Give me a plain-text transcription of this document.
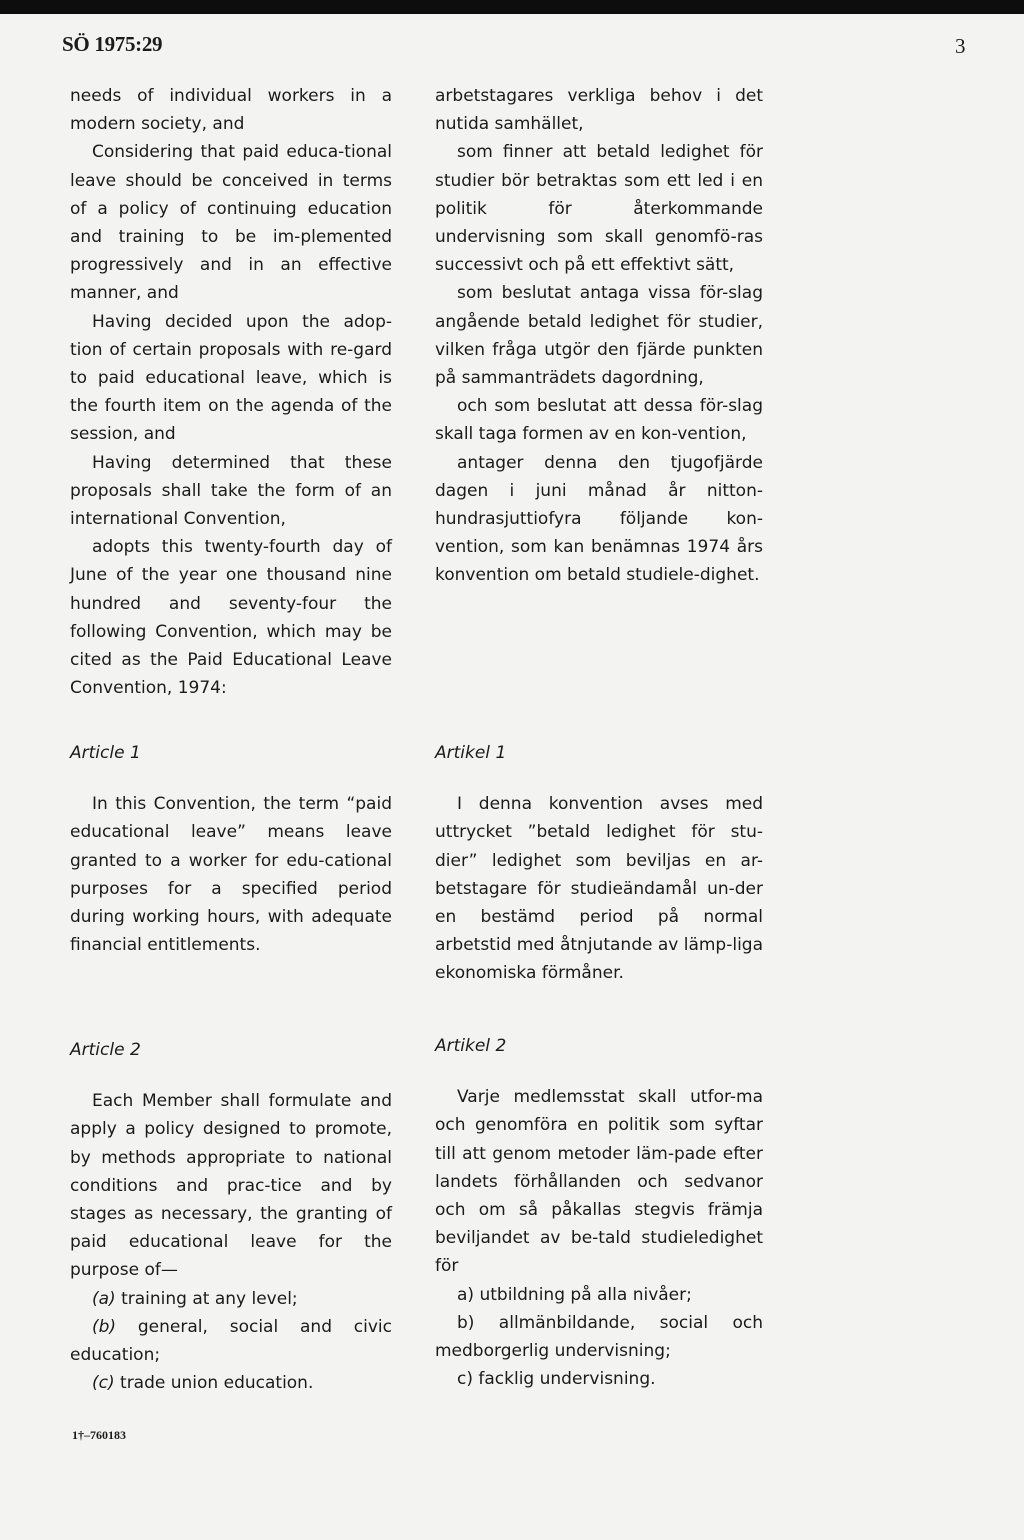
SÖ 1975:29	3

needs of individual workers in a modern society, and

Considering that paid educa-tional leave should be conceived in terms of a policy of continuing education and training to be im-plemented progressively and in an effective manner, and

Having decided upon the adop-tion of certain proposals with re-gard to paid educational leave, which is the fourth item on the agenda of the session, and

Having determined that these proposals shall take the form of an international Convention,

adopts this twenty-fourth day of June of the year one thousand nine hundred and seventy-four the following Convention, which may be cited as the Paid Educational Leave Convention, 1974:

Article 1

In this Convention, the term “paid educational leave” means leave granted to a worker for edu-cational purposes for a specified period during working hours, with adequate financial entitlements.

Article 2

Each Member shall formulate and apply a policy designed to promote, by methods appropriate to national conditions and prac-tice and by stages as necessary, the granting of paid educational leave for the purpose of—

(a) training at any level;

(b) general, social and civic education;

(c) trade union education.

arbetstagares verkliga behov i det nutida samhället,

som finner att betald ledighet för studier bör betraktas som ett led i en politik för återkommande undervisning som skall genomfö-ras successivt och på ett effektivt sätt,

som beslutat antaga vissa för-slag angående betald ledighet för studier, vilken fråga utgör den fjärde punkten på sammanträdets dagordning,

och som beslutat att dessa för-slag skall taga formen av en kon-vention,

antager denna den tjugofjärde dagen i juni månad år nitton-hundrasjuttiofyra följande kon-vention, som kan benämnas 1974 års konvention om betald studiele-dighet.

Artikel 1

I denna konvention avses med uttrycket ”betald ledighet för stu-dier” ledighet som beviljas en ar-betstagare för studieändamål un-der en bestämd period på normal arbetstid med åtnjutande av lämp-liga ekonomiska förmåner.

Artikel 2

Varje medlemsstat skall utfor-ma och genomföra en politik som syftar till att genom metoder läm-pade efter landets förhållanden och sedvanor och om så påkallas stegvis främja beviljandet av be-tald studieledighet för

a) utbildning på alla nivåer;

b) allmänbildande, social och medborgerlig undervisning;

c) facklig undervisning.

1†–760183
